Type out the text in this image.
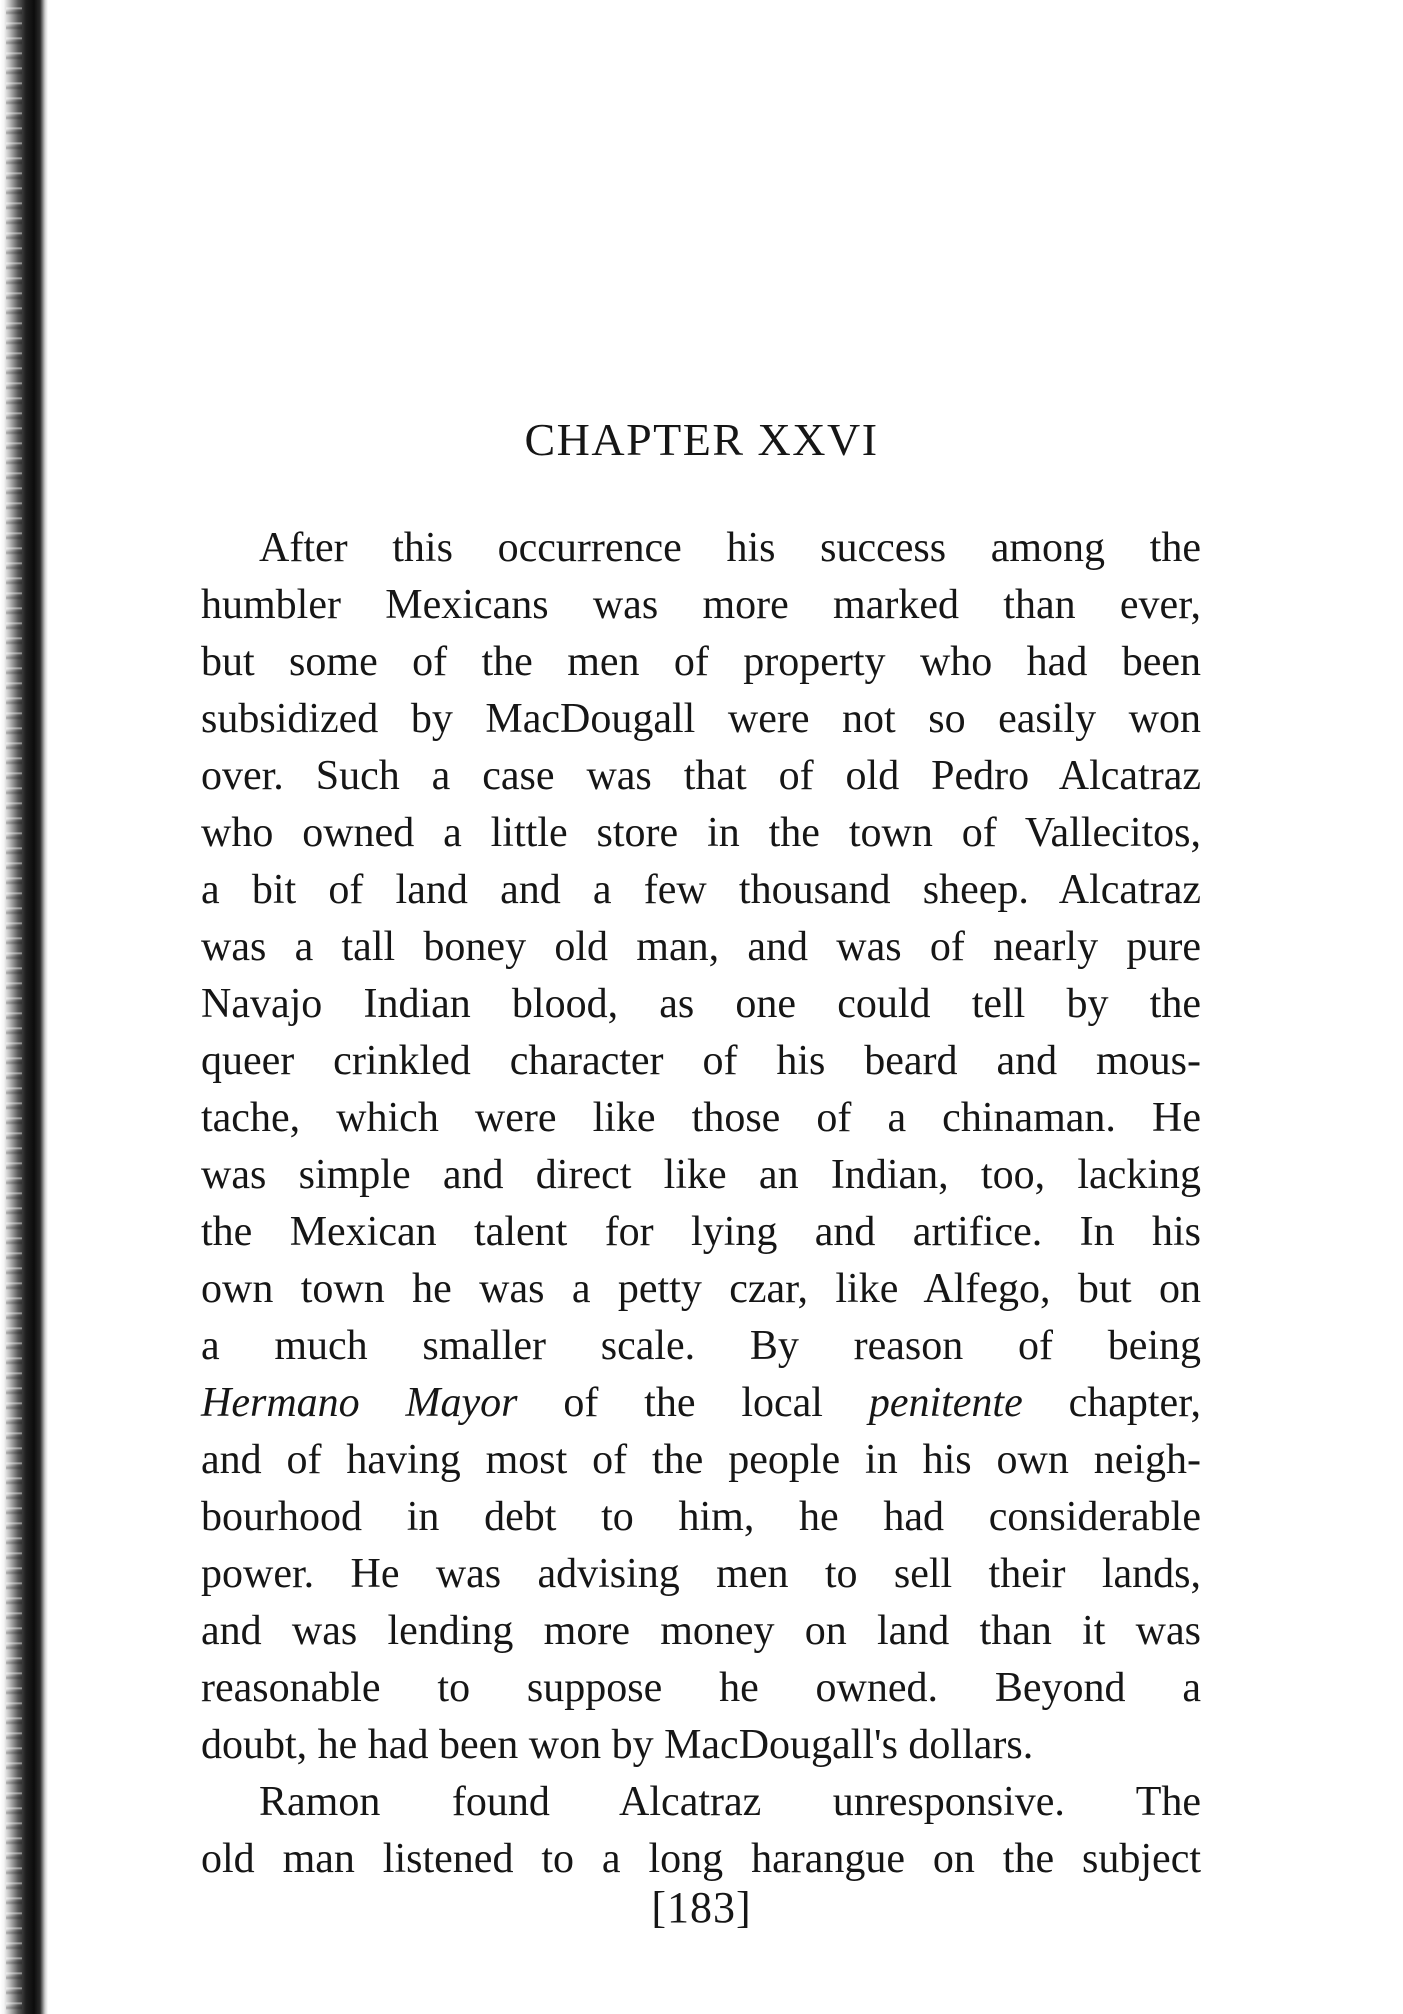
CHAPTER XXVI
After this occurrence his success among the
humbler Mexicans was more marked than ever,
but some of the men of property who had been
subsidized by MacDougall were not so easily won
over. Such a case was that of old Pedro Alcatraz
who owned a little store in the town of Vallecitos,
a bit of land and a few thousand sheep. Alcatraz
was a tall boney old man, and was of nearly pure
Navajo Indian blood, as one could tell by the
queer crinkled character of his beard and mous-
tache, which were like those of a chinaman. He
was simple and direct like an Indian, too, lacking
the Mexican talent for lying and artifice. In his
own town he was a petty czar, like Alfego, but on
a much smaller scale. By reason of being
Hermano Mayor of the local penitente chapter,
and of having most of the people in his own neigh-
bourhood in debt to him, he had considerable
power. He was advising men to sell their lands,
and was lending more money on land than it was
reasonable to suppose he owned. Beyond a
doubt, he had been won by MacDougall's dollars.
Ramon found Alcatraz unresponsive. The
old man listened to a long harangue on the subject
[183]
